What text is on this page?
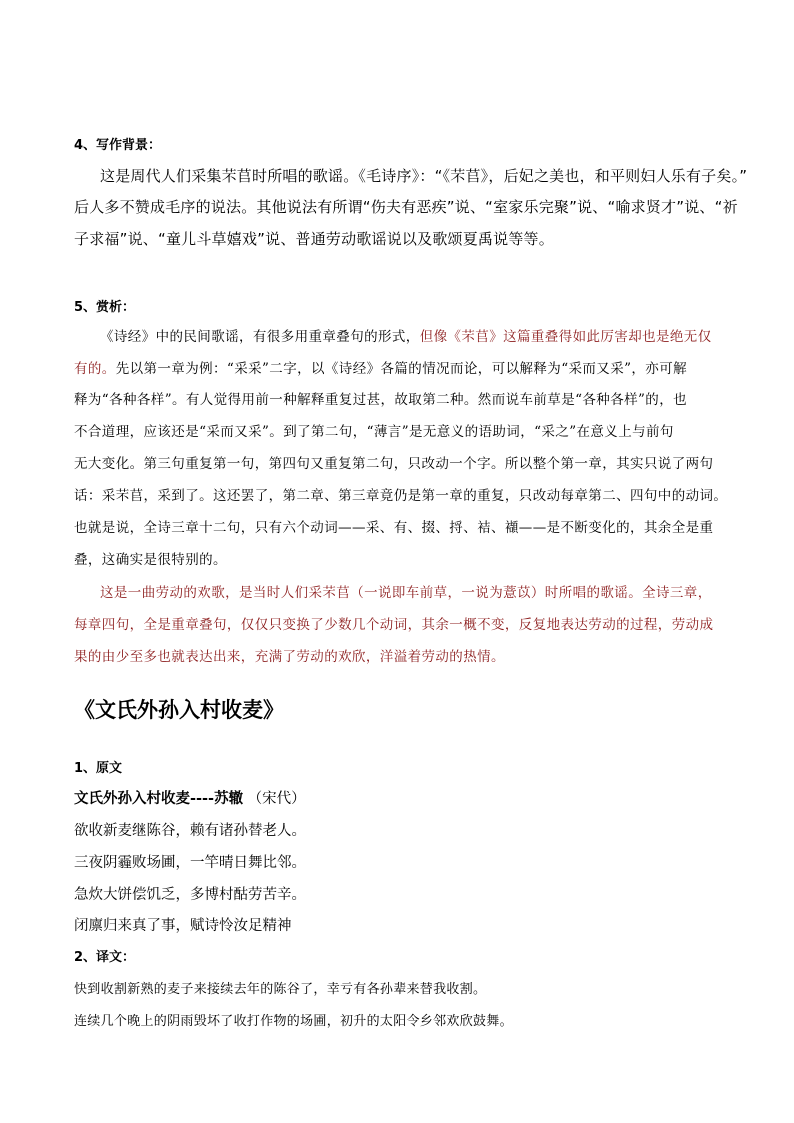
4、写作背景：
这是周代人们采集芣苢时所唱的歌谣。《毛诗序》：“《芣苢》，后妃之美也，和平则妇人乐有子矣。”
后人多不赞成毛序的说法。其他说法有所谓“伤夫有恶疾”说、“室家乐完聚”说、“喻求贤才”说、“祈
子求福”说、“童儿斗草嬉戏”说、普通劳动歌谣说以及歌颂夏禹说等等。
5、赏析：
《诗经》中的民间歌谣，有很多用重章叠句的形式，但像《芣苢》这篇重叠得如此厉害却也是绝无仅
有的。先以第一章为例：“采采”二字，以《诗经》各篇的情况而论，可以解释为“采而又采”，亦可解
释为“各种各样”。有人觉得用前一种解释重复过甚，故取第二种。然而说车前草是“各种各样”的，也
不合道理，应该还是“采而又采”。到了第二句，“薄言”是无意义的语助词，“采之”在意义上与前句
无大变化。第三句重复第一句，第四句又重复第二句，只改动一个字。所以整个第一章，其实只说了两句
话：采芣苢，采到了。这还罢了，第二章、第三章竟仍是第一章的重复，只改动每章第二、四句中的动词。
也就是说，全诗三章十二句，只有六个动词——采、有、掇、捋、袺、襭——是不断变化的，其余全是重
叠，这确实是很特别的。
这是一曲劳动的欢歌，是当时人们采芣苢（一说即车前草，一说为薏苡）时所唱的歌谣。全诗三章，
每章四句，全是重章叠句，仅仅只变换了少数几个动词，其余一概不变，反复地表达劳动的过程，劳动成
果的由少至多也就表达出来，充满了劳动的欢欣，洋溢着劳动的热情。
《文氏外孙入村收麦》
1、原文
文氏外孙入村收麦----苏辙 （宋代）
欲收新麦继陈谷，赖有诸孙替老人。
三夜阴霾败场圃，一竿晴日舞比邻。
急炊大饼偿饥乏，多博村酤劳苦辛。
闭廪归来真了事，赋诗怜汝足精神
2、译文：
快到收割新熟的麦子来接续去年的陈谷了，幸亏有各孙辈来替我收割。
连续几个晚上的阴雨毁坏了收打作物的场圃，初升的太阳令乡邻欢欣鼓舞。
